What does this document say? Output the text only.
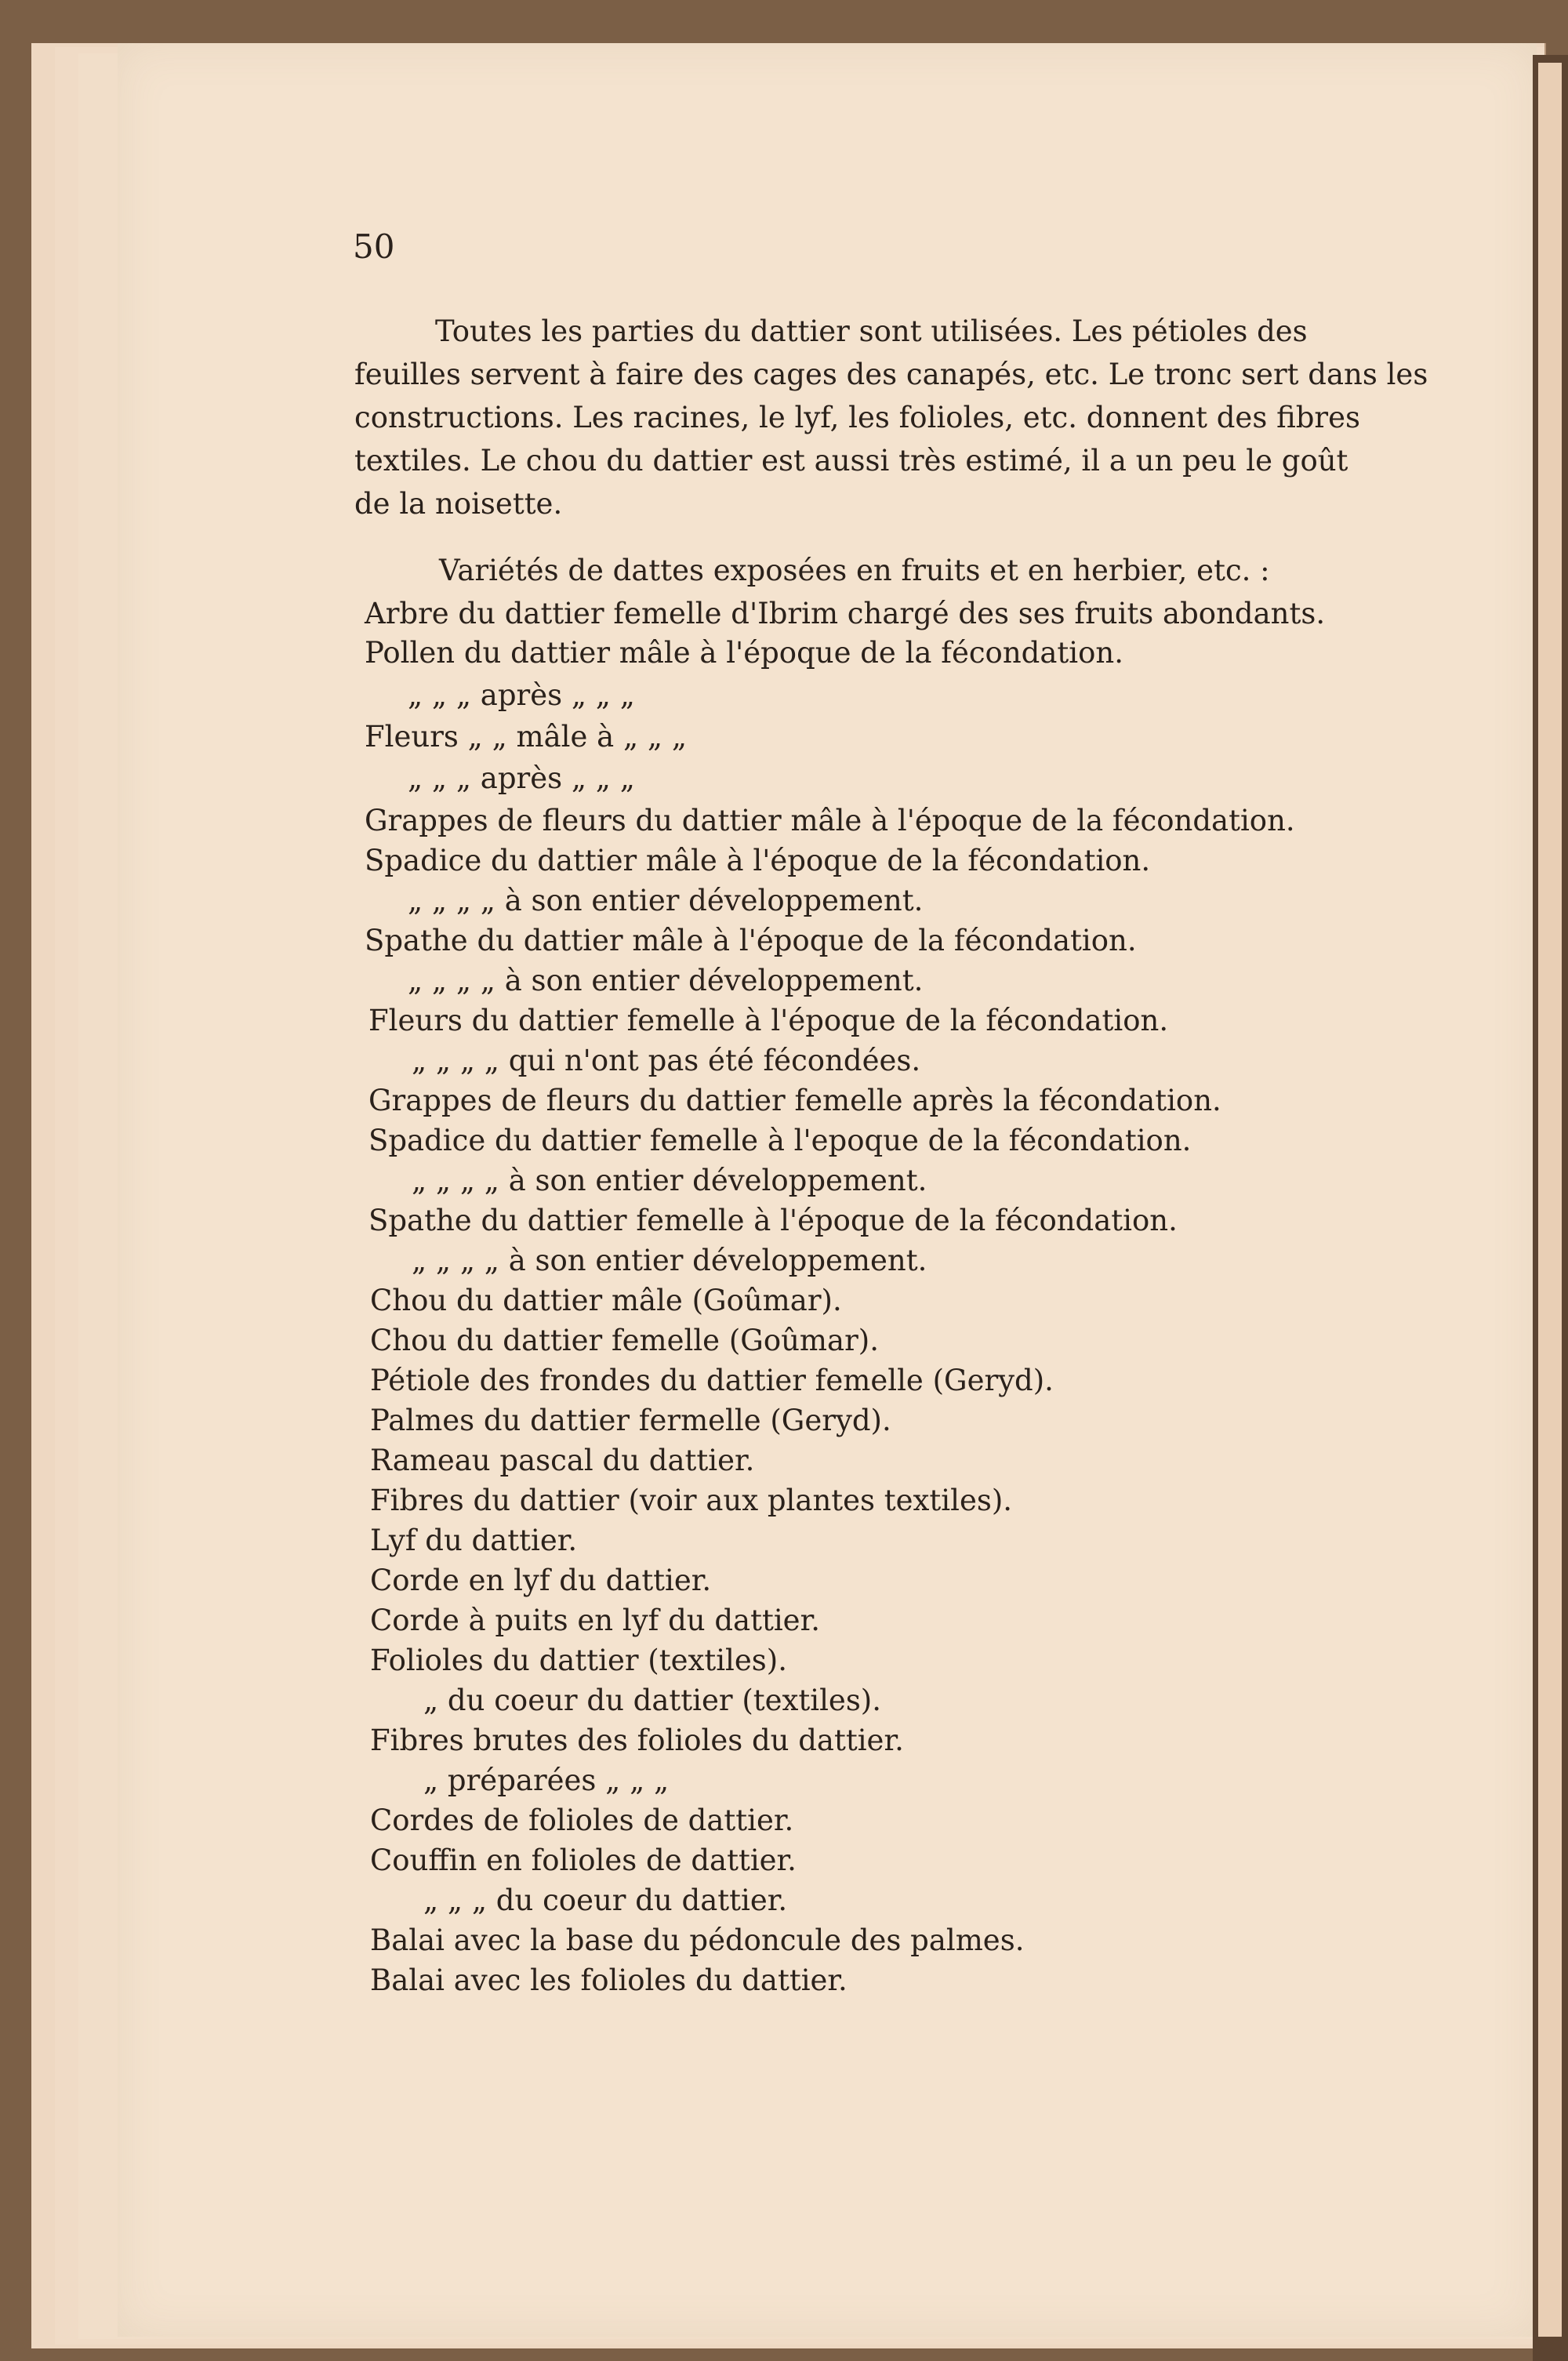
50
Toutes les parties du dattier sont utilisées. Les pétioles des
feuilles servent à faire des cages des canapés, etc. Le tronc sert dans les
constructions. Les racines, le lyf, les folioles, etc. donnent des fibres
textiles. Le chou du dattier est aussi très estimé, il a un peu le goût
de la noisette.
Variétés de dattes exposées en fruits et en herbier, etc. :
Arbre du dattier femelle d'Ibrim chargé des ses fruits abondants.
Pollen du dattier mâle à l'époque de la fécondation.
„ „ „ après „ „ „
Fleurs „ „ mâle à „ „ „
„ „ „ après „ „ „
Grappes de fleurs du dattier mâle à l'époque de la fécondation.
Spadice du dattier mâle à l'époque de la fécondation.
„ „ „ „ à son entier développement.
Spathe du dattier mâle à l'époque de la fécondation.
„ „ „ „ à son entier développement.
Fleurs du dattier femelle à l'époque de la fécondation.
„ „ „ „ qui n'ont pas été fécondées.
Grappes de fleurs du dattier femelle après la fécondation.
Spadice du dattier femelle à l'epoque de la fécondation.
„ „ „ „ à son entier développement.
Spathe du dattier femelle à l'époque de la fécondation.
„ „ „ „ à son entier développement.
Chou du dattier mâle (Goûmar).
Chou du dattier femelle (Goûmar).
Pétiole des frondes du dattier femelle (Geryd).
Palmes du dattier fermelle (Geryd).
Rameau pascal du dattier.
Fibres du dattier (voir aux plantes textiles).
Lyf du dattier.
Corde en lyf du dattier.
Corde à puits en lyf du dattier.
Folioles du dattier (textiles).
„ du coeur du dattier (textiles).
Fibres brutes des folioles du dattier.
„ préparées „ „ „
Cordes de folioles de dattier.
Couffin en folioles de dattier.
„ „ „ du coeur du dattier.
Balai avec la base du pédoncule des palmes.
Balai avec les folioles du dattier.
